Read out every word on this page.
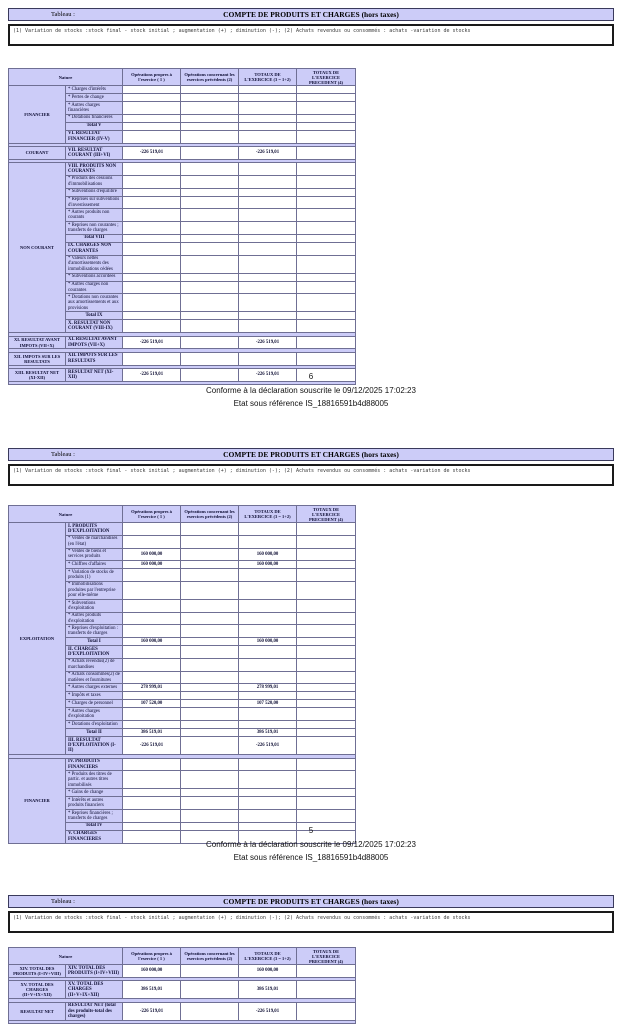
Tableau :	COMPTE DE PRODUITS ET CHARGES (hors taxes)
(1) Variation de stocks :stock final - stock initial ; augmentation (+) ; diminution (-); (2) Achats revendus ou consommés : achats -variation de stocks
Nature		Opérations propres à l'exercice ( 1 )	Opérations concernant les exercices précédents (2)	TOTAUX DE L'EXERCICE (3 = 1+2)	TOTAUX DE L'EXERCICE PRECEDENT (4)
FINANCIER	* Charges d'intérêts				
	* Pertes de change				
	* Autres charges financières				
	* Dotations financières				
	Total V				
	VI. RESULTAT FINANCIER (IV-V)				

COURANT	VII. RESULTAT COURANT (III+VI)	-226 519,01		-226 519,01	

NON COURANT	VIII. PRODUITS NON COURANTS				
	* Produits des cessions d'immobilisations				
	* Subventions d'équilibre				
	* Reprises sur subventions d'investissement				
	* Autres produits non courants				
	* Reprises non courantes ; transferts de charges				
	Total VIII				
	IX. CHARGES NON COURANTES				
	* Valeurs nettes d'amortissements des immobilisations cédées				
	* Subventions accordées				
	* Autres charges non courantes				
	* Dotations non courantes aux amortissements et aux provisions				
	Total IX				
	X. RESULTAT NON COURANT (VIII-IX)				

XI. RESULTAT AVANT IMPOTS (VII+X)	XI. RESULTAT AVANT IMPOTS (VII+X)	-226 519,01		-226 519,01	

XII. IMPOTS SUR LES RESULTATS	XII. IMPOTS SUR LES RESULTATS				

XIII. RESULTAT NET (XI-XII)	RESULTAT NET (XI-XII)	-226 519,01		-226 519,01		6
Conforme à la déclaration souscrite le 09/12/2025 17:02:23
Etat sous référence IS_18816591b4d88005
Tableau :	COMPTE DE PRODUITS ET CHARGES (hors taxes)
(1) Variation de stocks :stock final - stock initial ; augmentation (+) ; diminution (-); (2) Achats revendus ou consommés : achats -variation de stocks
Nature		Opérations propres à l'exercice ( 1 )	Opérations concernant les exercices précédents (2)	TOTAUX DE L'EXERCICE (3 = 1+2)	TOTAUX DE L'EXERCICE PRECEDENT (4)
EXPLOITATION	I. PRODUITS D'EXPLOITATION				
	* Ventes de marchandises (en l'état)				
	* Ventes de biens et services produits	160 000,00		160 000,00	
	* Chiffres d'affaires	160 000,00		160 000,00	
	* Variation de stocks de produits (1)				
	* Immobilisations produites par l'entreprise pour elle-même				
	* Subventions d'exploitation				
	* Autres produits d'exploitation				
	* Reprises d'exploitation : transferts de charges				
	Total I	160 000,00		160 000,00	
	II. CHARGES D'EXPLOITATION				
	* Achats revendus(2) de marchandises				
	* Achats consommés(2) de matières et fournitures				
	* Autres charges externes	278 999,01		278 999,01	
	* Impôts et taxes				
	* Charges de personnel	107 520,00		107 520,00	
	* Autres charges d'exploitation				
	* Dotations d'exploitation				
	Total II	386 519,01		386 519,01	
	III. RESULTAT D'EXPLOITATION (I-II)	-226 519,01		-226 519,01	

FINANCIER	IV. PRODUITS FINANCIERS				
	* Produits des titres de partic. et autres titres immobilisés				
	* Gains de change				
	* Intérêts et autres produits financiers				
	* Reprises financières ; transferts de charges				
	Total IV				
	V. CHARGES FINANCIERES				
5
Conforme à la déclaration souscrite le 09/12/2025 17:02:23
Etat sous référence IS_18816591b4d88005
Tableau :	COMPTE DE PRODUITS ET CHARGES (hors taxes)
(1) Variation de stocks :stock final - stock initial ; augmentation (+) ; diminution (-); (2) Achats revendus ou consommés : achats -variation de stocks
Nature		Opérations propres à l'exercice ( 1 )	Opérations concernant les exercices précédents (2)	TOTAUX DE L'EXERCICE (3 = 1+2)	TOTAUX DE L'EXERCICE PRECEDENT (4)
XIV. TOTAL DES PRODUITS (I+IV+VIII)	XIV. TOTAL DES PRODUITS (I+IV+VIII)	160 000,00		160 000,00	

XV. TOTAL DES CHARGES (II+V+IX+XII)	XV. TOTAL DES CHARGES (II+V+IX+XII)	386 519,01		386 519,01	

RESULTAT NET	RESULTAT NET (total des produits-total des charges)	-226 519,01		-226 519,01	
